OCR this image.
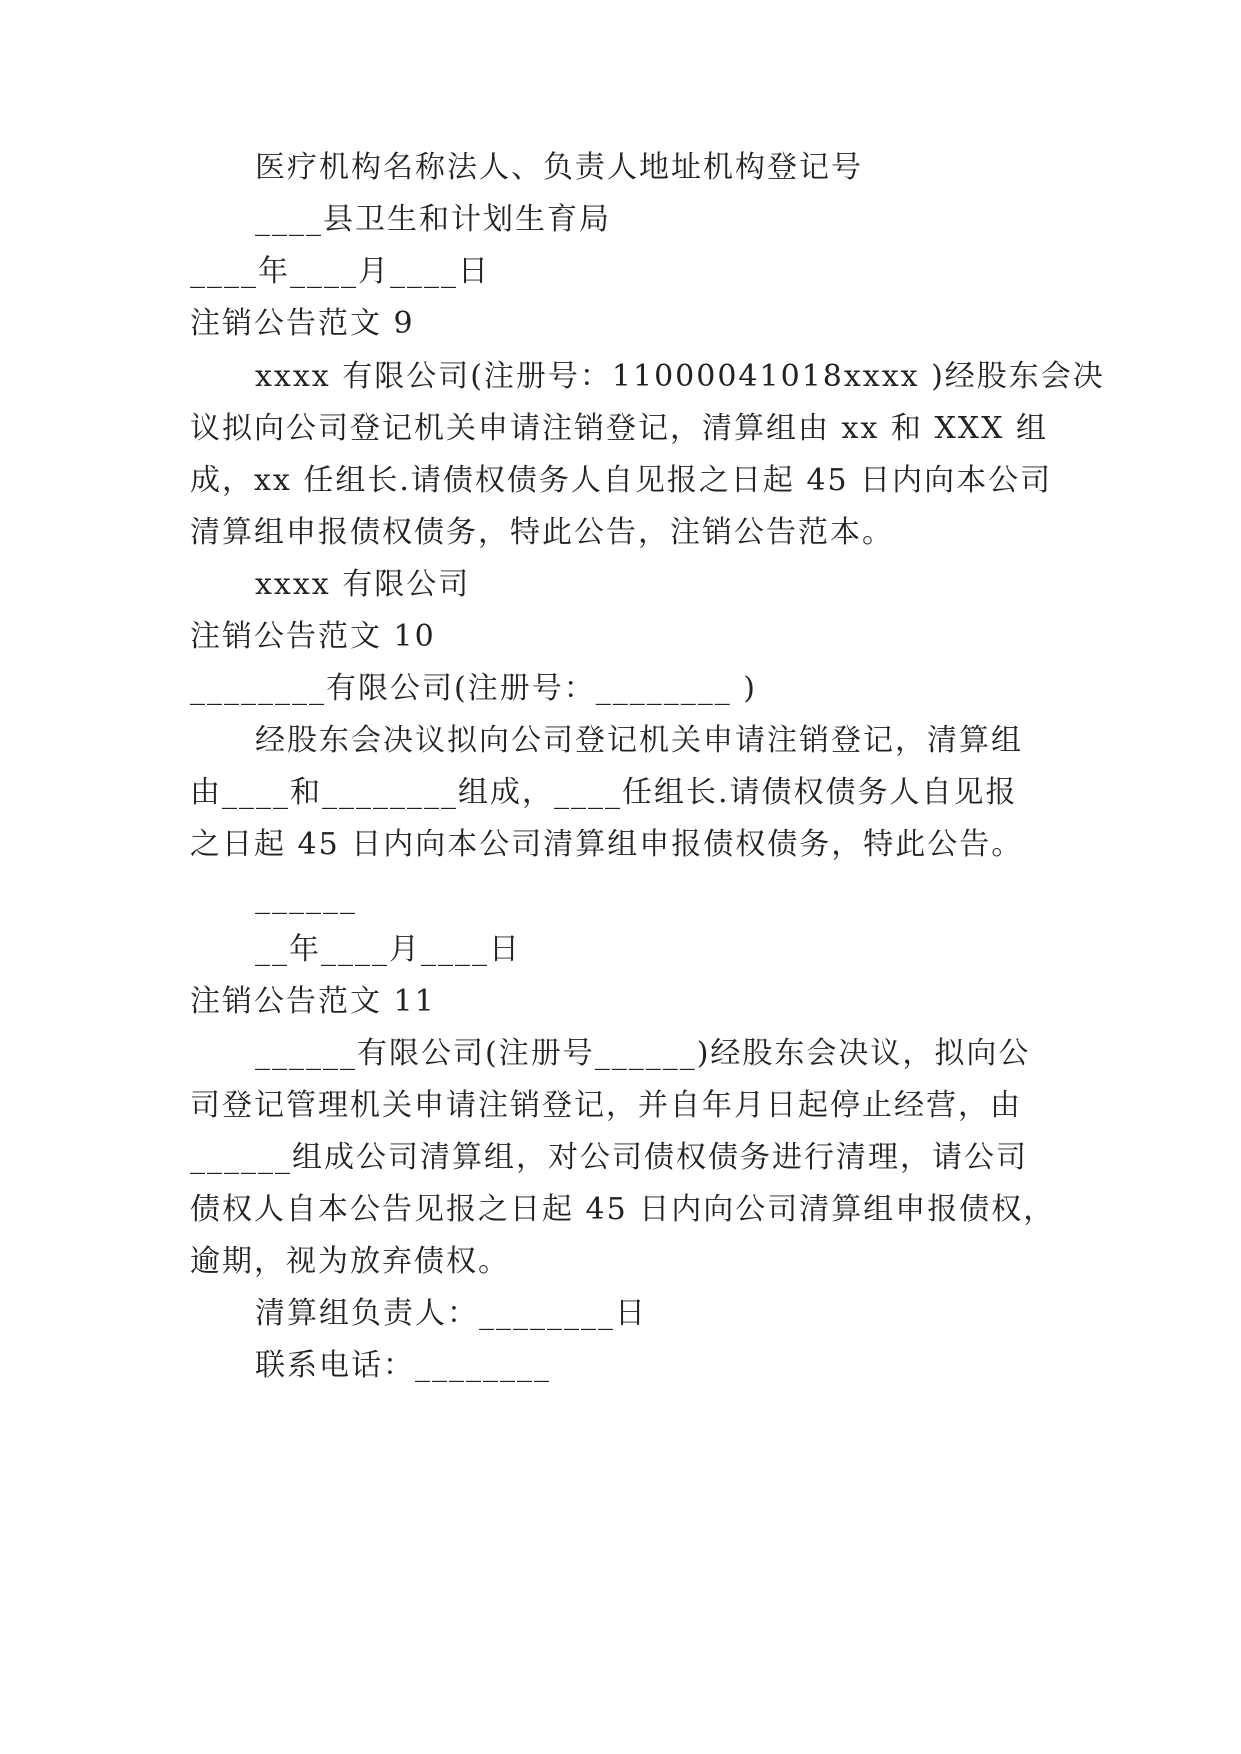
医疗机构名称法人、负责人地址机构登记号
____县卫生和计划生育局
____年____月____日
注销公告范文 9
xxxx 有限公司(注册号：11000041018xxxx )经股东会决
议拟向公司登记机关申请注销登记，清算组由 xx 和 XXX 组
成，xx 任组长.请债权债务人自见报之日起 45 日内向本公司
清算组申报债权债务，特此公告，注销公告范本。
xxxx 有限公司
注销公告范文 10
________有限公司(注册号：________ )
经股东会决议拟向公司登记机关申请注销登记，清算组
由____和________组成，____任组长.请债权债务人自见报
之日起 45 日内向本公司清算组申报债权债务，特此公告。
______
__年____月____日
注销公告范文 11
______有限公司(注册号______)经股东会决议，拟向公
司登记管理机关申请注销登记，并自年月日起停止经营，由
______组成公司清算组，对公司债权债务进行清理，请公司
债权人自本公告见报之日起 45 日内向公司清算组申报债权，
逾期，视为放弃债权。
清算组负责人：________日
联系电话：________
